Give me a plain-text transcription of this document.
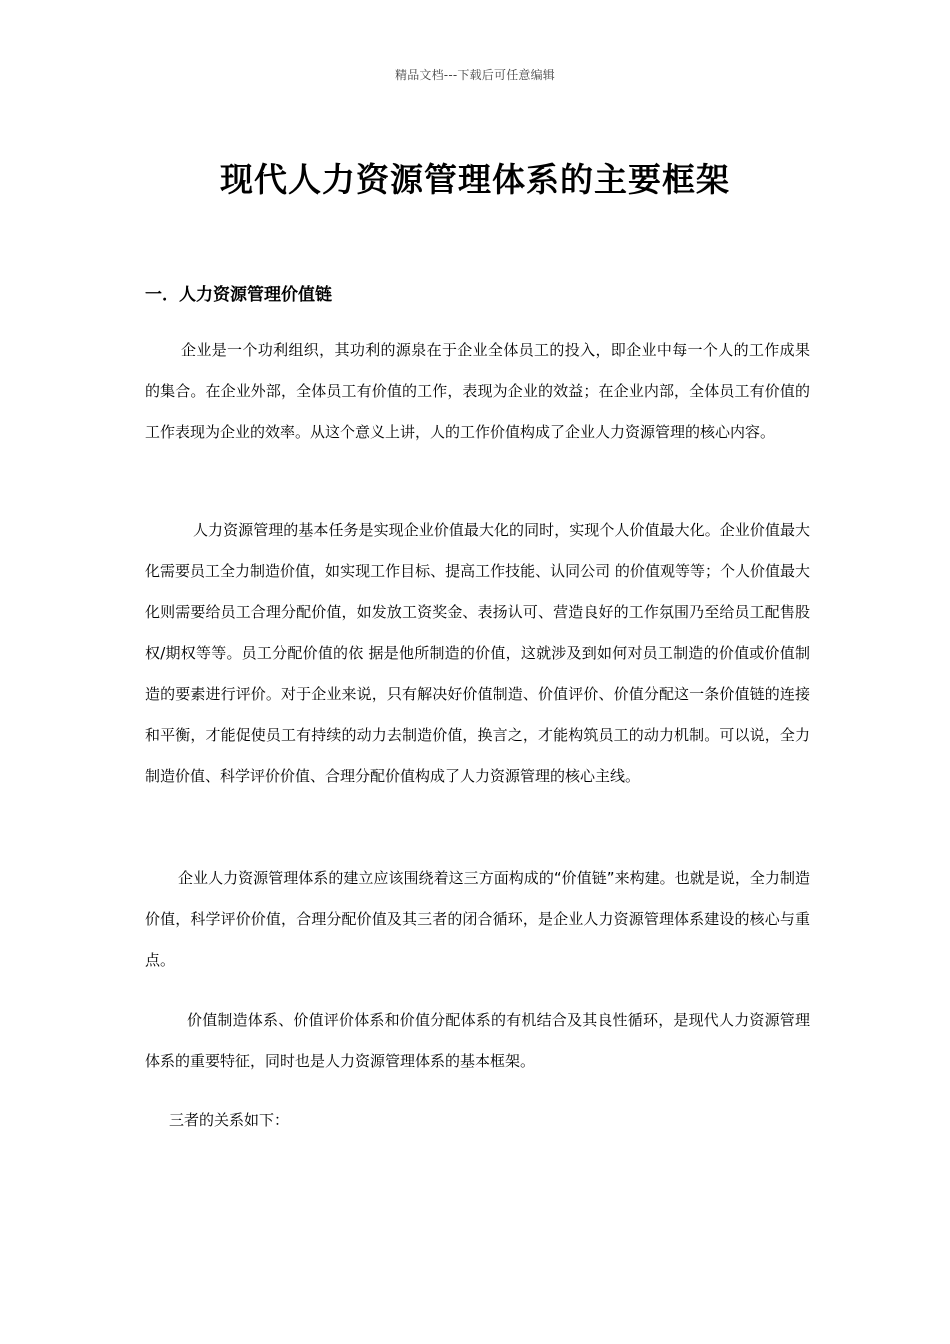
精品文档---下载后可任意编辑
现代人力资源管理体系的主要框架
一．人力资源管理价值链

企业是一个功利组织，其功利的源泉在于企业全体员工的投入，即企业中每一个人的工作成果的集合。在企业外部，全体员工有价值的工作，表现为企业的效益；在企业内部，全体员工有价值的工作表现为企业的效率。从这个意义上讲，人的工作价值构成了企业人力资源管理的核心内容。

人力资源管理的基本任务是实现企业价值最大化的同时，实现个人价值最大化。企业价值最大化需要员工全力制造价值，如实现工作目标、提高工作技能、认同公司 的价值观等等；个人价值最大化则需要给员工合理分配价值，如发放工资奖金、表扬认可、营造良好的工作氛围乃至给员工配售股权/期权等等。员工分配价值的依 据是他所制造的价值，这就涉及到如何对员工制造的价值或价值制造的要素进行评价。对于企业来说，只有解决好价值制造、价值评价、价值分配这一条价值链的连接和平衡，才能促使员工有持续的动力去制造价值，换言之，才能构筑员工的动力机制。可以说，全力制造价值、科学评价价值、合理分配价值构成了人力资源管理的核心主线。

企业人力资源管理体系的建立应该围绕着这三方面构成的“价值链”来构建。也就是说，全力制造价值，科学评价价值，合理分配价值及其三者的闭合循环，是企业人力资源管理体系建设的核心与重点。

价值制造体系、价值评价体系和价值分配体系的有机结合及其良性循环，是现代人力资源管理体系的重要特征，同时也是人力资源管理体系的基本框架。

三者的关系如下：
